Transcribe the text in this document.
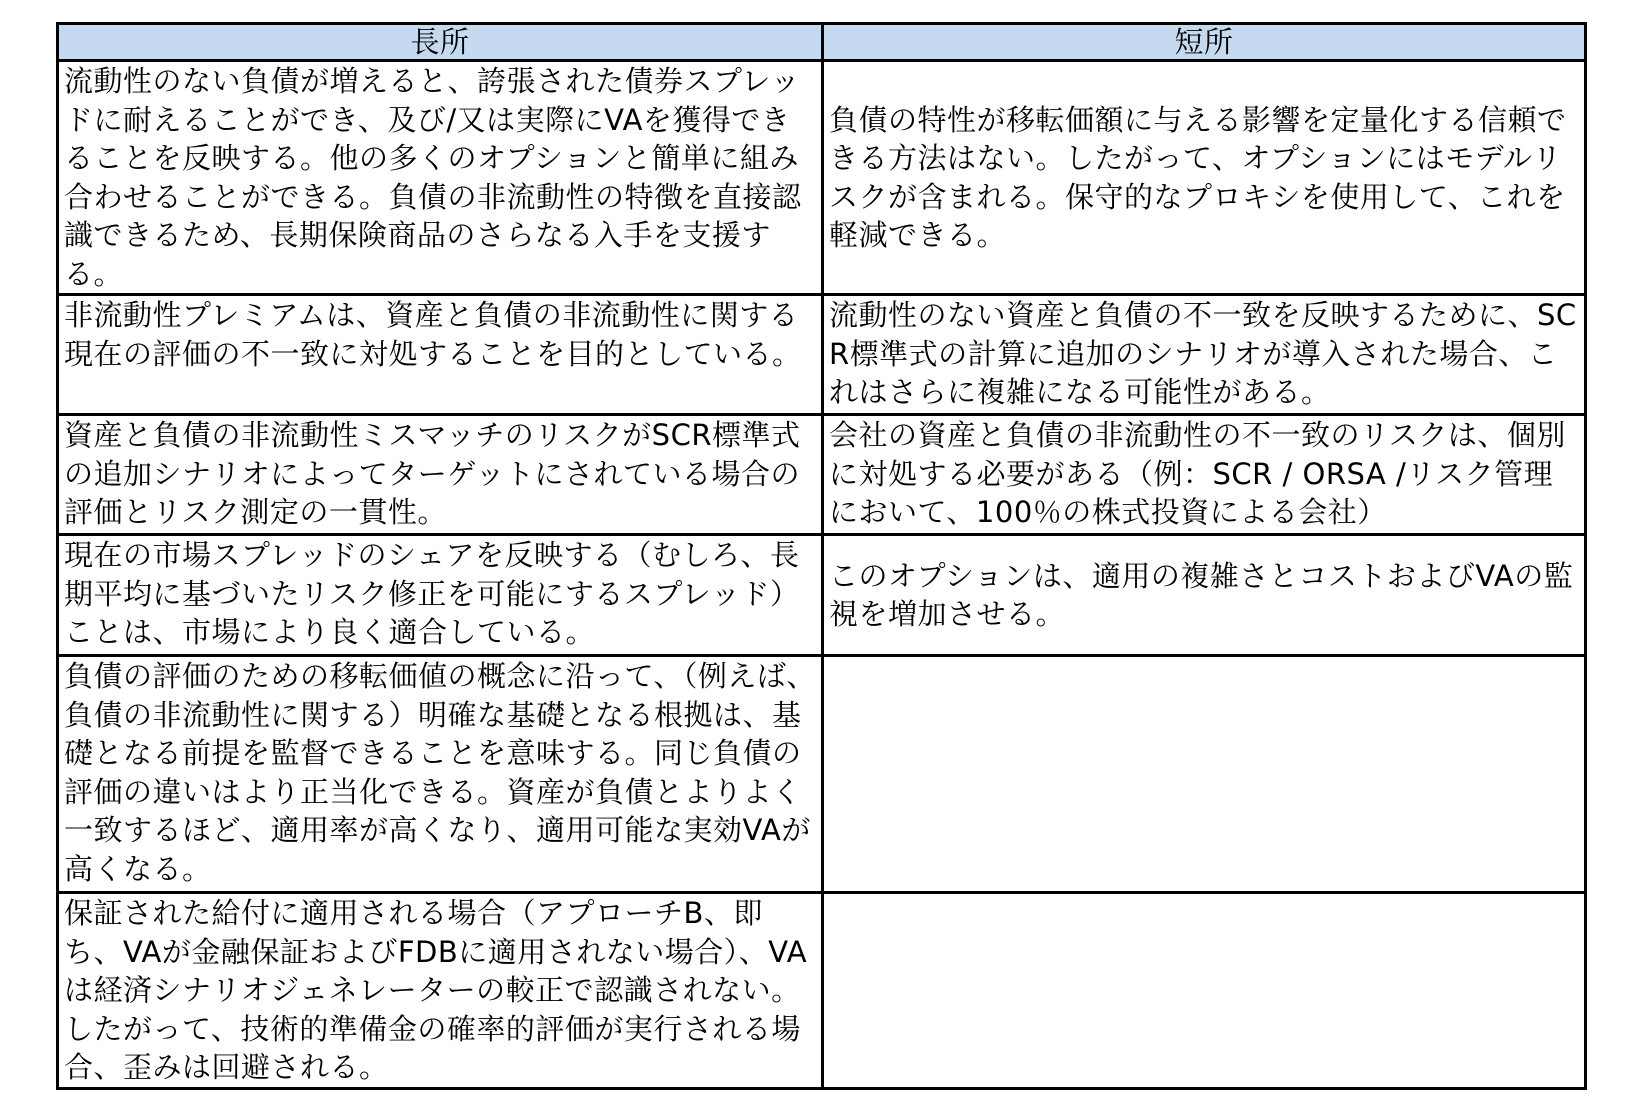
長所	短所
流動性のない負債が増えると、誇張された債券スプレッドに耐えることができ、及び/又は実際にVAを獲得できることを反映する。他の多くのオプションと簡単に組み合わせることができる。負債の非流動性の特徴を直接認識できるため、長期保険商品のさらなる入手を支援する。	負債の特性が移転価額に与える影響を定量化する信頼できる方法はない。したがって、オプションにはモデルリスクが含まれる。保守的なプロキシを使用して、これを軽減できる。
非流動性プレミアムは、資産と負債の非流動性に関する現在の評価の不一致に対処することを目的としている。	流動性のない資産と負債の不一致を反映するために、SCR標準式の計算に追加のシナリオが導入された場合、これはさらに複雑になる可能性がある。
資産と負債の非流動性ミスマッチのリスクがSCR標準式の追加シナリオによってターゲットにされている場合の評価とリスク測定の一貫性。	会社の資産と負債の非流動性の不一致のリスクは、個別に対処する必要がある（例：SCR / ORSA /リスク管理において、100％の株式投資による会社）
現在の市場スプレッドのシェアを反映する（むしろ、長期平均に基づいたリスク修正を可能にするスプレッド）ことは、市場により良く適合している。	このオプションは、適用の複雑さとコストおよびVAの監視を増加させる。
負債の評価のための移転価値の概念に沿って、（例えば、負債の非流動性に関する）明確な基礎となる根拠は、基礎となる前提を監督できることを意味する。同じ負債の評価の違いはより正当化できる。資産が負債とよりよく一致するほど、適用率が高くなり、適用可能な実効VAが高くなる。	
保証された給付に適用される場合（アプローチB、即ち、VAが金融保証およびFDBに適用されない場合）、VAは経済シナリオジェネレーターの較正で認識されない。したがって、技術的準備金の確率的評価が実行される場合、歪みは回避される。	
